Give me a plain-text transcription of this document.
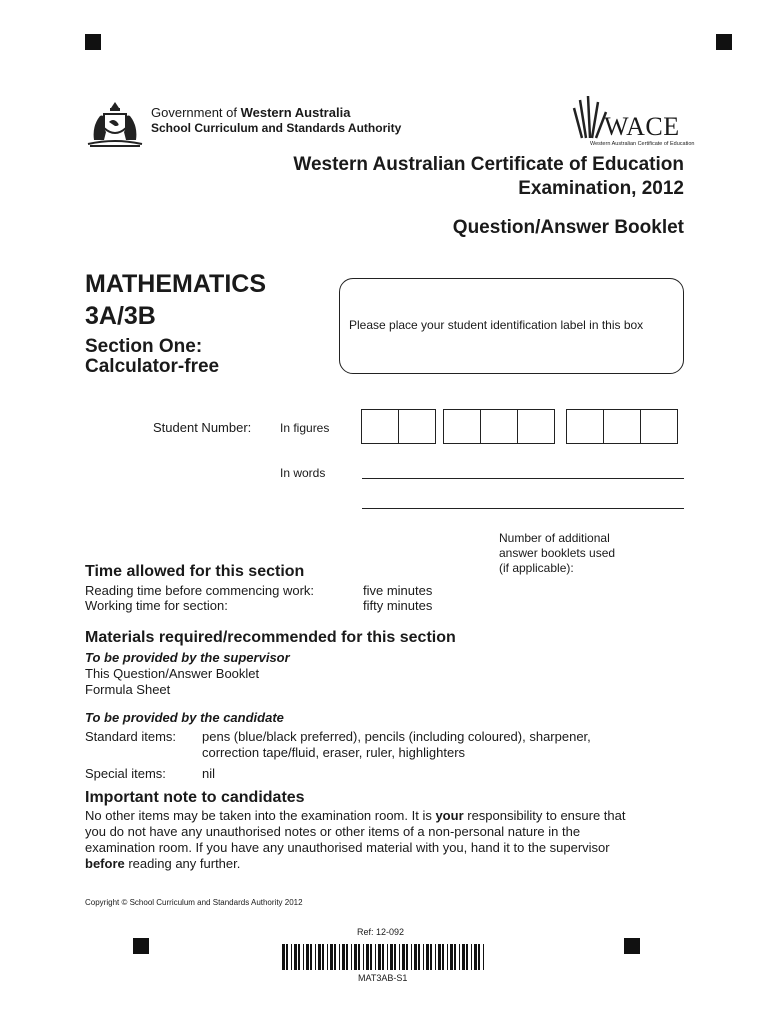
Government of Western Australia
School Curriculum and Standards Authority	WACE
Western Australian Certificate of Education
Western Australian Certificate of Education
Examination, 2012
Question/Answer Booklet
MATHEMATICS
3A/3B
Section One:
Calculator-free
Please place your student identification label in this box
Student Number: In figures
In words
Number of additional
answer booklets used
(if applicable):
Time allowed for this section
Reading time before commencing work:	five minutes
Working time for section:	fifty minutes
Materials required/recommended for this section
To be provided by the supervisor
This Question/Answer Booklet
Formula Sheet
To be provided by the candidate
Standard items: pens (blue/black preferred), pencils (including coloured), sharpener,
correction tape/fluid, eraser, ruler, highlighters
Special items:	nil
Important note to candidates
No other items may be taken into the examination room. It is your responsibility to ensure that
you do not have any unauthorised notes or other items of a non-personal nature in the
examination room. If you have any unauthorised material with you, hand it to the supervisor
before reading any further.
Copyright © School Curriculum and Standards Authority 2012
Ref: 12-092
MAT3AB-S1
